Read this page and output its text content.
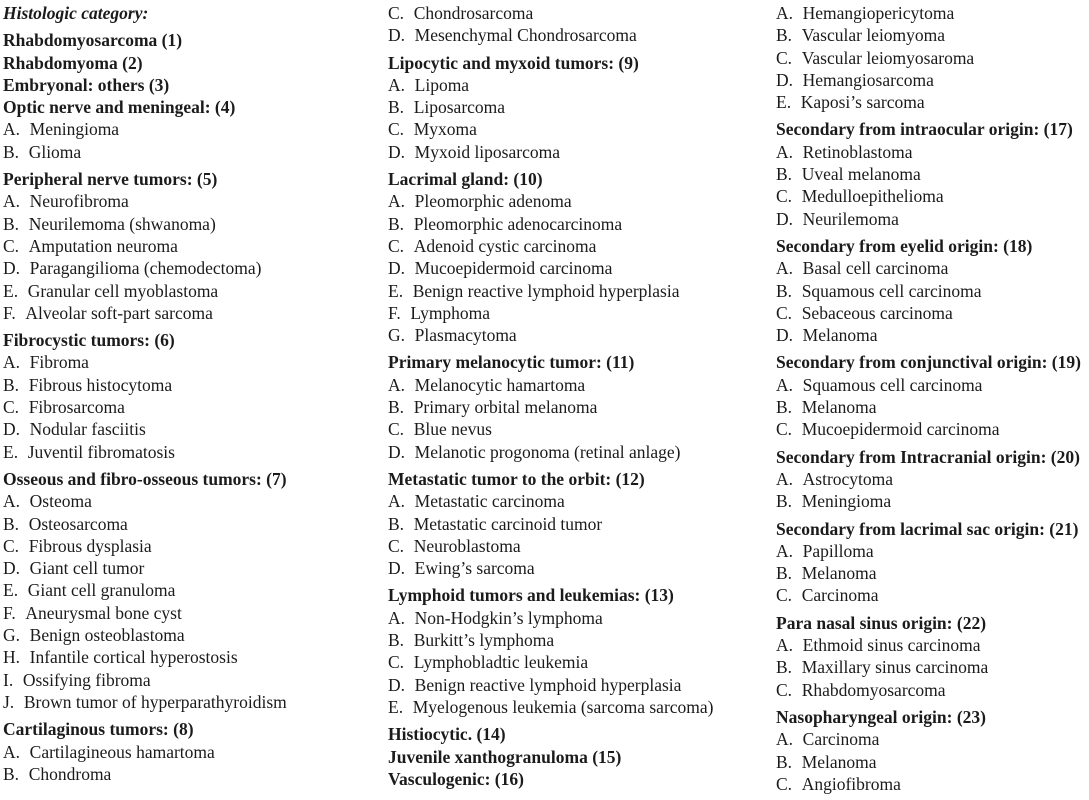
Histologic category:
Rhabdomyosarcoma (1)
Rhabdomyoma (2)
Embryonal: others (3)
Optic nerve and meningeal: (4)
A. Meningioma
B. Glioma
Peripheral nerve tumors: (5)
A. Neurofibroma
B. Neurilemoma (shwanoma)
C. Amputation neuroma
D. Paragangilioma (chemodectoma)
E. Granular cell myoblastoma
F. Alveolar soft-part sarcoma
Fibrocystic tumors: (6)
A. Fibroma
B. Fibrous histocytoma
C. Fibrosarcoma
D. Nodular fasciitis
E. Juventil fibromatosis
Osseous and fibro-osseous tumors: (7)
A. Osteoma
B. Osteosarcoma
C. Fibrous dysplasia
D. Giant cell tumor
E. Giant cell granuloma
F. Aneurysmal bone cyst
G. Benign osteoblastoma
H. Infantile cortical hyperostosis
I. Ossifying fibroma
J. Brown tumor of hyperparathyroidism
Cartilaginous tumors: (8)
A. Cartilagineous hamartoma
B. Chondroma
C. Chondrosarcoma
D. Mesenchymal Chondrosarcoma
Lipocytic and myxoid tumors: (9)
A. Lipoma
B. Liposarcoma
C. Myxoma
D. Myxoid liposarcoma
Lacrimal gland: (10)
A. Pleomorphic adenoma
B. Pleomorphic adenocarcinoma
C. Adenoid cystic carcinoma
D. Mucoepidermoid carcinoma
E. Benign reactive lymphoid hyperplasia
F. Lymphoma
G. Plasmacytoma
Primary melanocytic tumor: (11)
A. Melanocytic hamartoma
B. Primary orbital melanoma
C. Blue nevus
D. Melanotic progonoma (retinal anlage)
Metastatic tumor to the orbit: (12)
A. Metastatic carcinoma
B. Metastatic carcinoid tumor
C. Neuroblastoma
D. Ewing’s sarcoma
Lymphoid tumors and leukemias: (13)
A. Non-Hodgkin’s lymphoma
B. Burkitt’s lymphoma
C. Lymphobladtic leukemia
D. Benign reactive lymphoid hyperplasia
E. Myelogenous leukemia (sarcoma sarcoma)
Histiocytic. (14)
Juvenile xanthogranuloma (15)
Vasculogenic: (16)
A. Hemangiopericytoma
B. Vascular leiomyoma
C. Vascular leiomyosaroma
D. Hemangiosarcoma
E. Kaposi’s sarcoma
Secondary from intraocular origin: (17)
A. Retinoblastoma
B. Uveal melanoma
C. Medulloepithelioma
D. Neurilemoma
Secondary from eyelid origin: (18)
A. Basal cell carcinoma
B. Squamous cell carcinoma
C. Sebaceous carcinoma
D. Melanoma
Secondary from conjunctival origin: (19)
A. Squamous cell carcinoma
B. Melanoma
C. Mucoepidermoid carcinoma
Secondary from Intracranial origin: (20)
A. Astrocytoma
B. Meningioma
Secondary from lacrimal sac origin: (21)
A. Papilloma
B. Melanoma
C. Carcinoma
Para nasal sinus origin: (22)
A. Ethmoid sinus carcinoma
B. Maxillary sinus carcinoma
C. Rhabdomyosarcoma
Nasopharyngeal origin: (23)
A. Carcinoma
B. Melanoma
C. Angiofibroma
